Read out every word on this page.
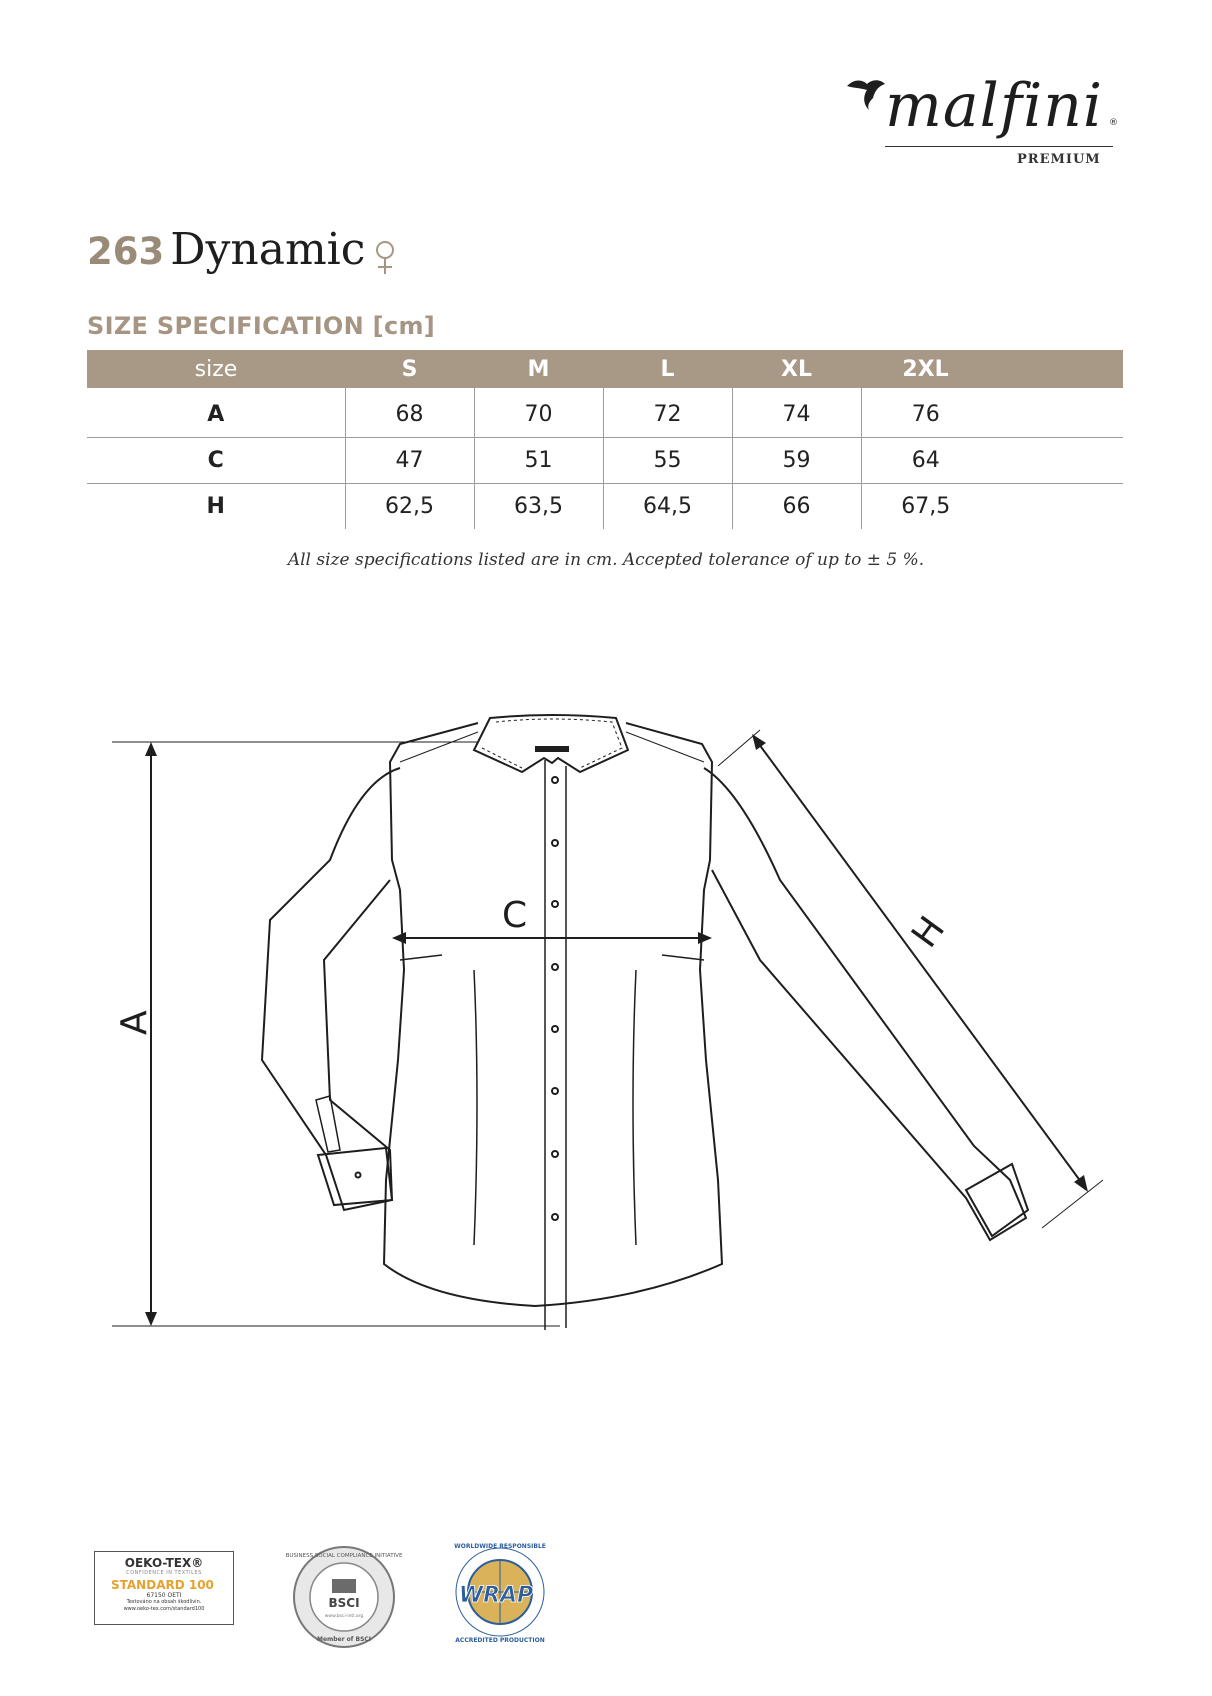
malfini ®
PREMIUM
263 Dynamic
SIZE SPECIFICATION [cm]
size	S	M	L	XL	2XL	
A	68	70	72	74	76	
C	47	51	55	59	64	
H	62,5	63,5	64,5	66	67,5	
All size specifications listed are in cm. Accepted tolerance of up to ± 5 %.
A
C	H
OEKO-TEX®
CONFIDENCE IN TEXTILES
STANDARD 100
67150 OETI
Testováno na obsah škodlivin.
www.oeko-tex.com/standard100
BUSINESS SOCIAL COMPLIANCE INITIATIVE
BSCI
www.bsci-intl.org
Member of BSCI
WORLDWIDE RESPONSIBLE
WRAP
ACCREDITED PRODUCTION
